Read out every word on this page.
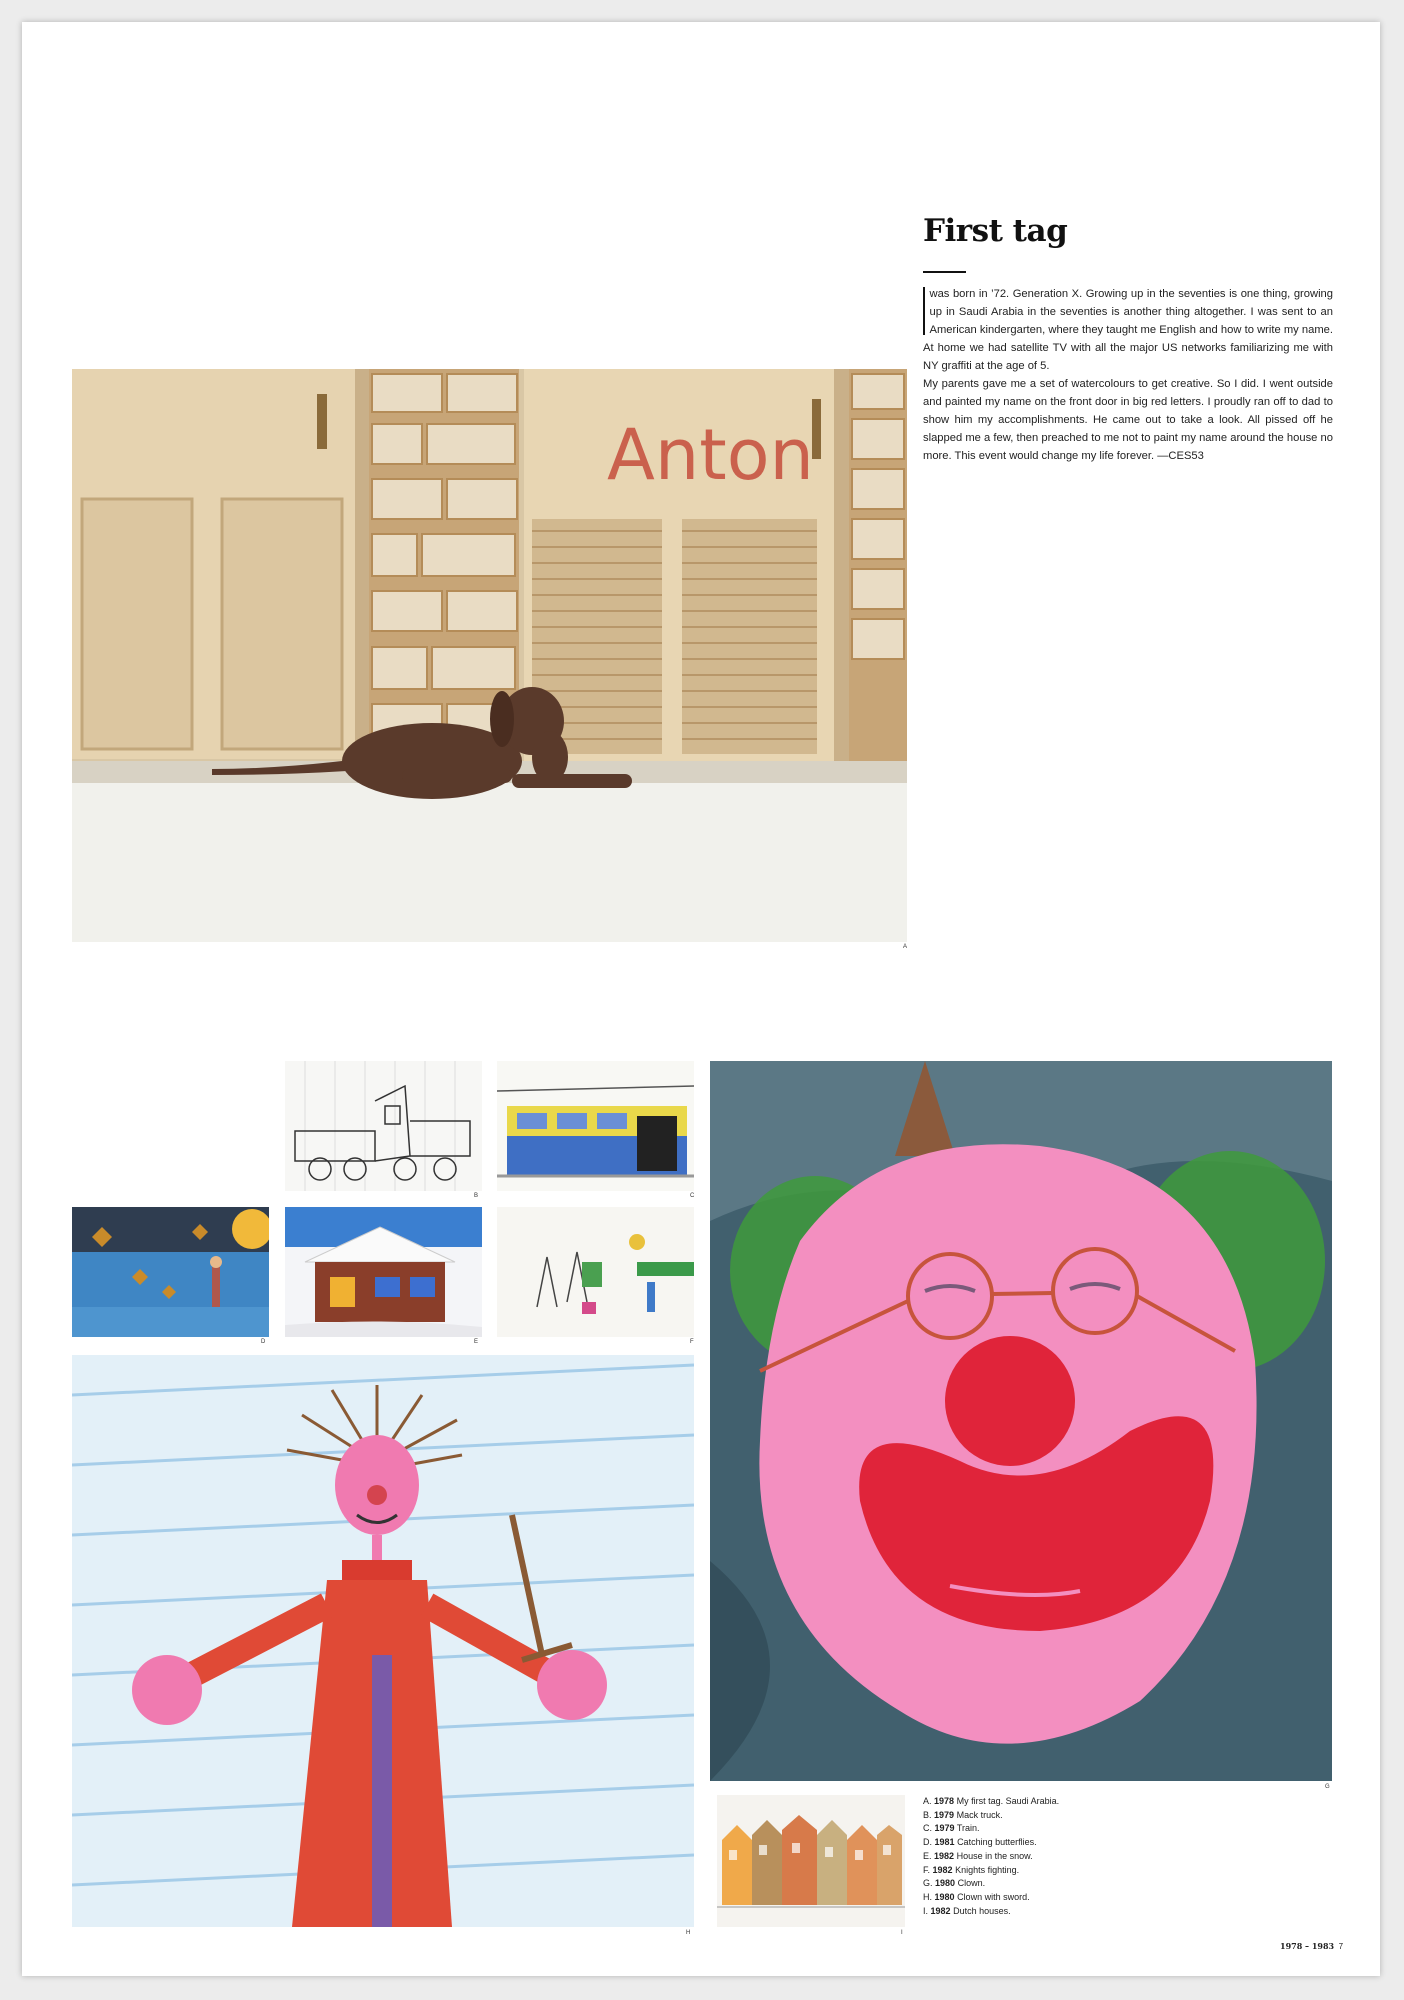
First tag

was born in ’72. Generation X. Growing up in the seventies is one thing, growing up in Saudi Arabia in the seventies is another thing altogether. I was sent to an American kindergarten, where they taught me English and how to write my name. At home we had satellite TV with all the major US networks familiarizing me with NY graffiti at the age of 5.

My parents gave me a set of watercolours to get creative. So I did. I went outside and painted my name on the front door in big red letters. I proudly ran off to dad to show him my accomplishments. He came out to take a look. All pissed off he slapped me a few, then preached to me not to paint my name around the house no more. This event would change my life forever. —CES53

Anton
A
B	C
D	E	F
H
G
I
A. 1978 My first tag. Saudi Arabia.
B. 1979 Mack truck.
C. 1979 Train.
D. 1981 Catching butterflies.
E. 1982 House in the snow.
F. 1982 Knights fighting.
G. 1980 Clown.
H. 1980 Clown with sword.
I. 1982 Dutch houses.
1978 – 1983 7
